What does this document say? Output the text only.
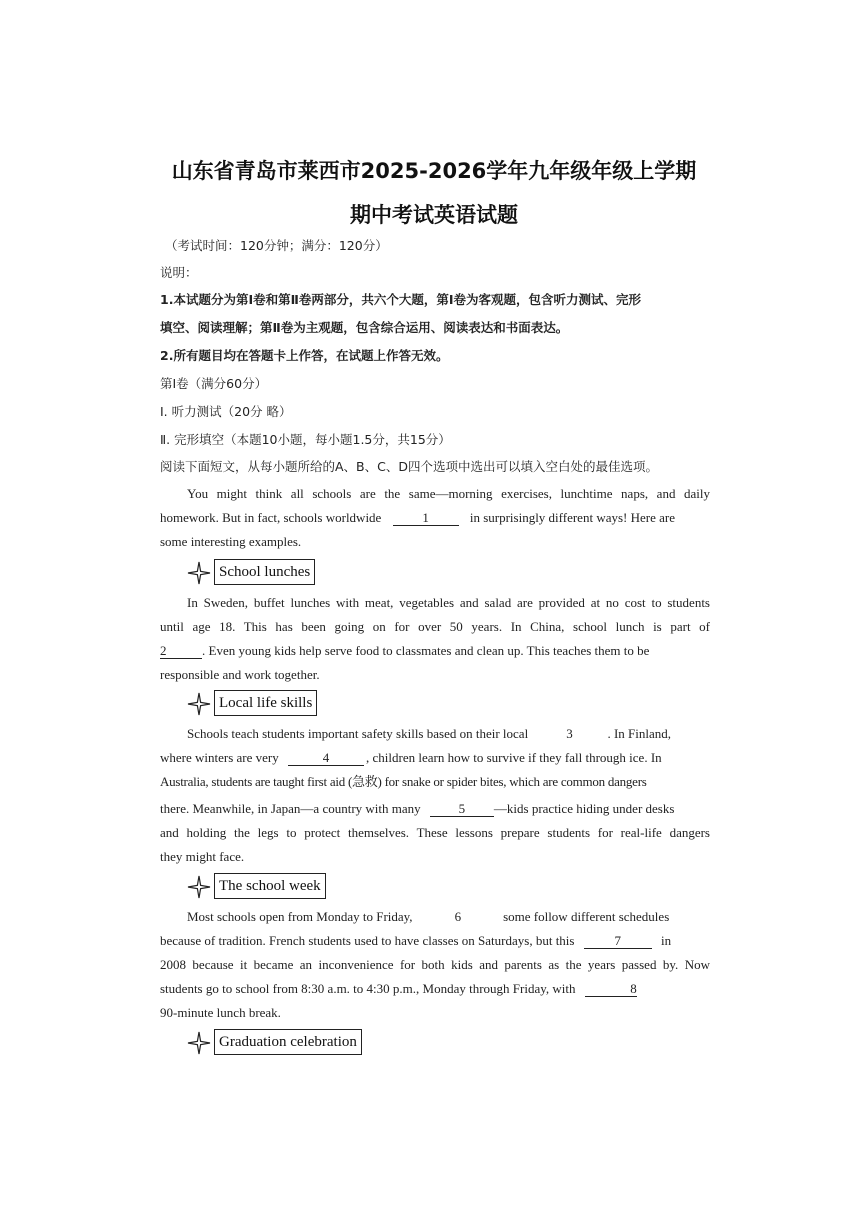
山东省青岛市莱西市2025-2026学年九年级年级上学期
期中考试英语试题
（考试时间：120分钟；满分：120分）
说明：
1.本试题分为第Ⅰ卷和第Ⅱ卷两部分，共六个大题，第Ⅰ卷为客观题，包含听力测试、完形
填空、阅读理解；第Ⅱ卷为主观题，包含综合运用、阅读表达和书面表达。
2.所有题目均在答题卡上作答，在试题上作答无效。
第Ⅰ卷（满分60分）
Ⅰ. 听力测试（20分 略）
Ⅱ. 完形填空（本题10小题，每小题1.5分，共15分）
阅读下面短文，从每小题所给的A、B、C、D四个选项中选出可以填入空白处的最佳选项。
You might think all schools are the same—morning exercises, lunchtime naps, and daily
homework. But in fact, schools worldwide	1	in surprisingly different ways! Here are
some interesting examples.
School lunches
In Sweden, buffet lunches with meat, vegetables and salad are provided at no cost to students
until age 18. This has been going on for over 50 years. In China, school lunch is part of
2	. Even young kids help serve food to classmates and clean up. This teaches them to be
responsible and work together.
Local life skills
Schools teach students important safety skills based on their local	3	. In Finland,
where winters are very	4	, children learn how to survive if they fall through ice. In
Australia, students are taught first aid (急救) for snake or spider bites, which are common dangers
there. Meanwhile, in Japan—a country with many	5 —kids practice hiding under desks
and holding the legs to protect themselves. These lessons prepare students for real-life dangers
they might face.
The school week
Most schools open from Monday to Friday,	6	some follow different schedules
because of tradition. French students used to have classes on Saturdays, but this	7	in
2008 because it became an inconvenience for both kids and parents as the years passed by. Now
students go to school from 8:30 a.m. to 4:30 p.m., Monday through Friday, with	8
90-minute lunch break.
Graduation celebration
